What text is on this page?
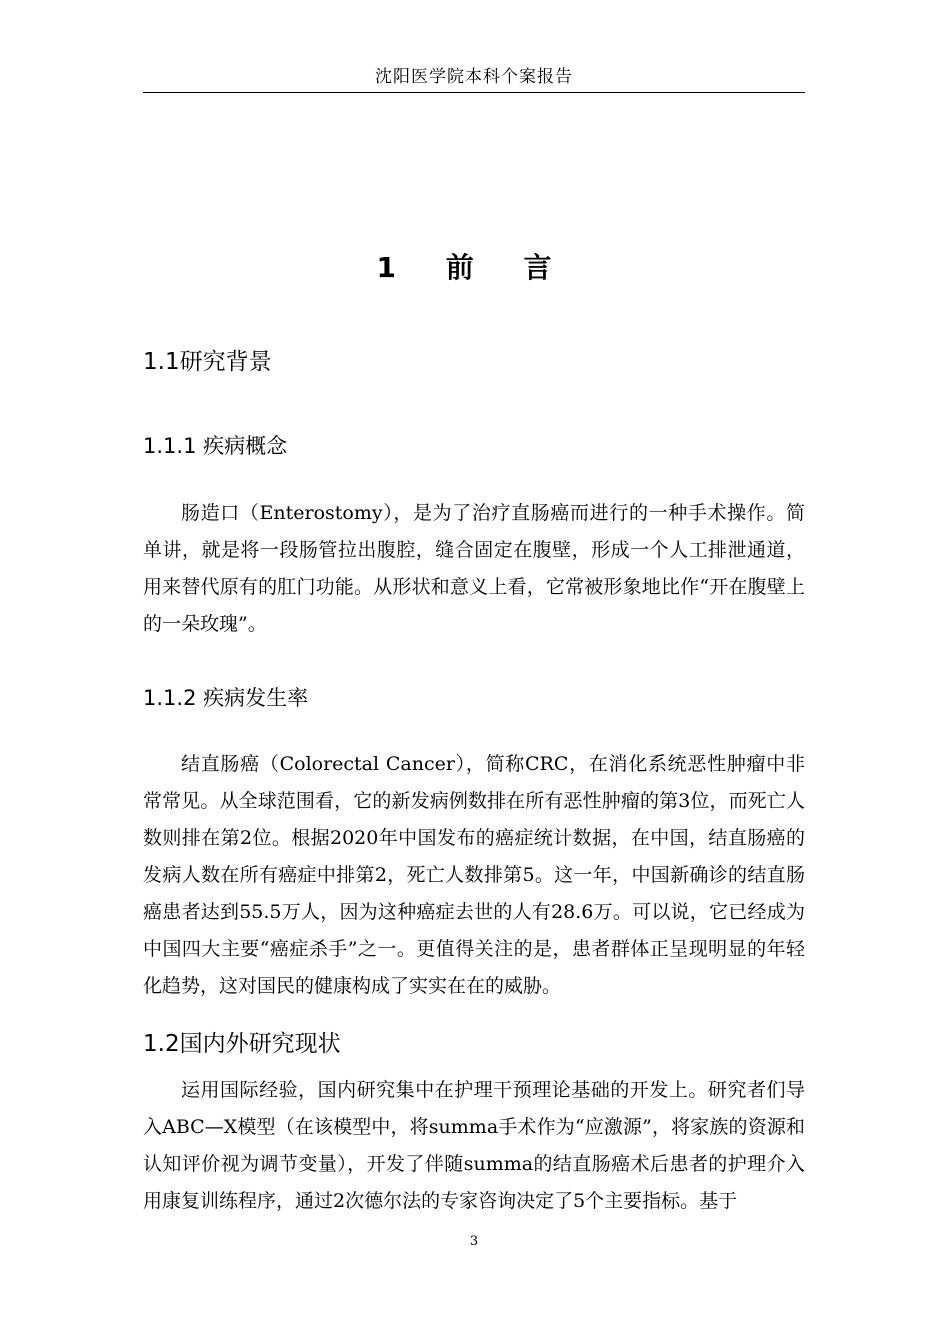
沈阳医学院本科个案报告
1 前 言
1.1研究背景
1.1.1 疾病概念
肠造口（Enterostomy），是为了治疗直肠癌而进行的一种手术操作。简单讲，就是将一段肠管拉出腹腔，缝合固定在腹壁，形成一个人工排泄通道，用来替代原有的肛门功能。从形状和意义上看，它常被形象地比作“开在腹壁上的一朵玫瑰”。
1.1.2 疾病发生率
结直肠癌（Colorectal Cancer），简称CRC，在消化系统恶性肿瘤中非常常见。从全球范围看，它的新发病例数排在所有恶性肿瘤的第3位，而死亡人数则排在第2位。根据2020年中国发布的癌症统计数据，在中国，结直肠癌的发病人数在所有癌症中排第2，死亡人数排第5。这一年，中国新确诊的结直肠癌患者达到55.5万人，因为这种癌症去世的人有28.6万。可以说，它已经成为中国四大主要“癌症杀手”之一。更值得关注的是，患者群体正呈现明显的年轻化趋势，这对国民的健康构成了实实在在的威胁。
1.2国内外研究现状
运用国际经验，国内研究集中在护理干预理论基础的开发上。研究者们导入ABC—X模型（在该模型中，将summa手术作为“应激源”，将家族的资源和认知评价视为调节变量），开发了伴随summa的结直肠癌术后患者的护理介入用康复训练程序，通过2次德尔法的专家咨询决定了5个主要指标。基于
3
